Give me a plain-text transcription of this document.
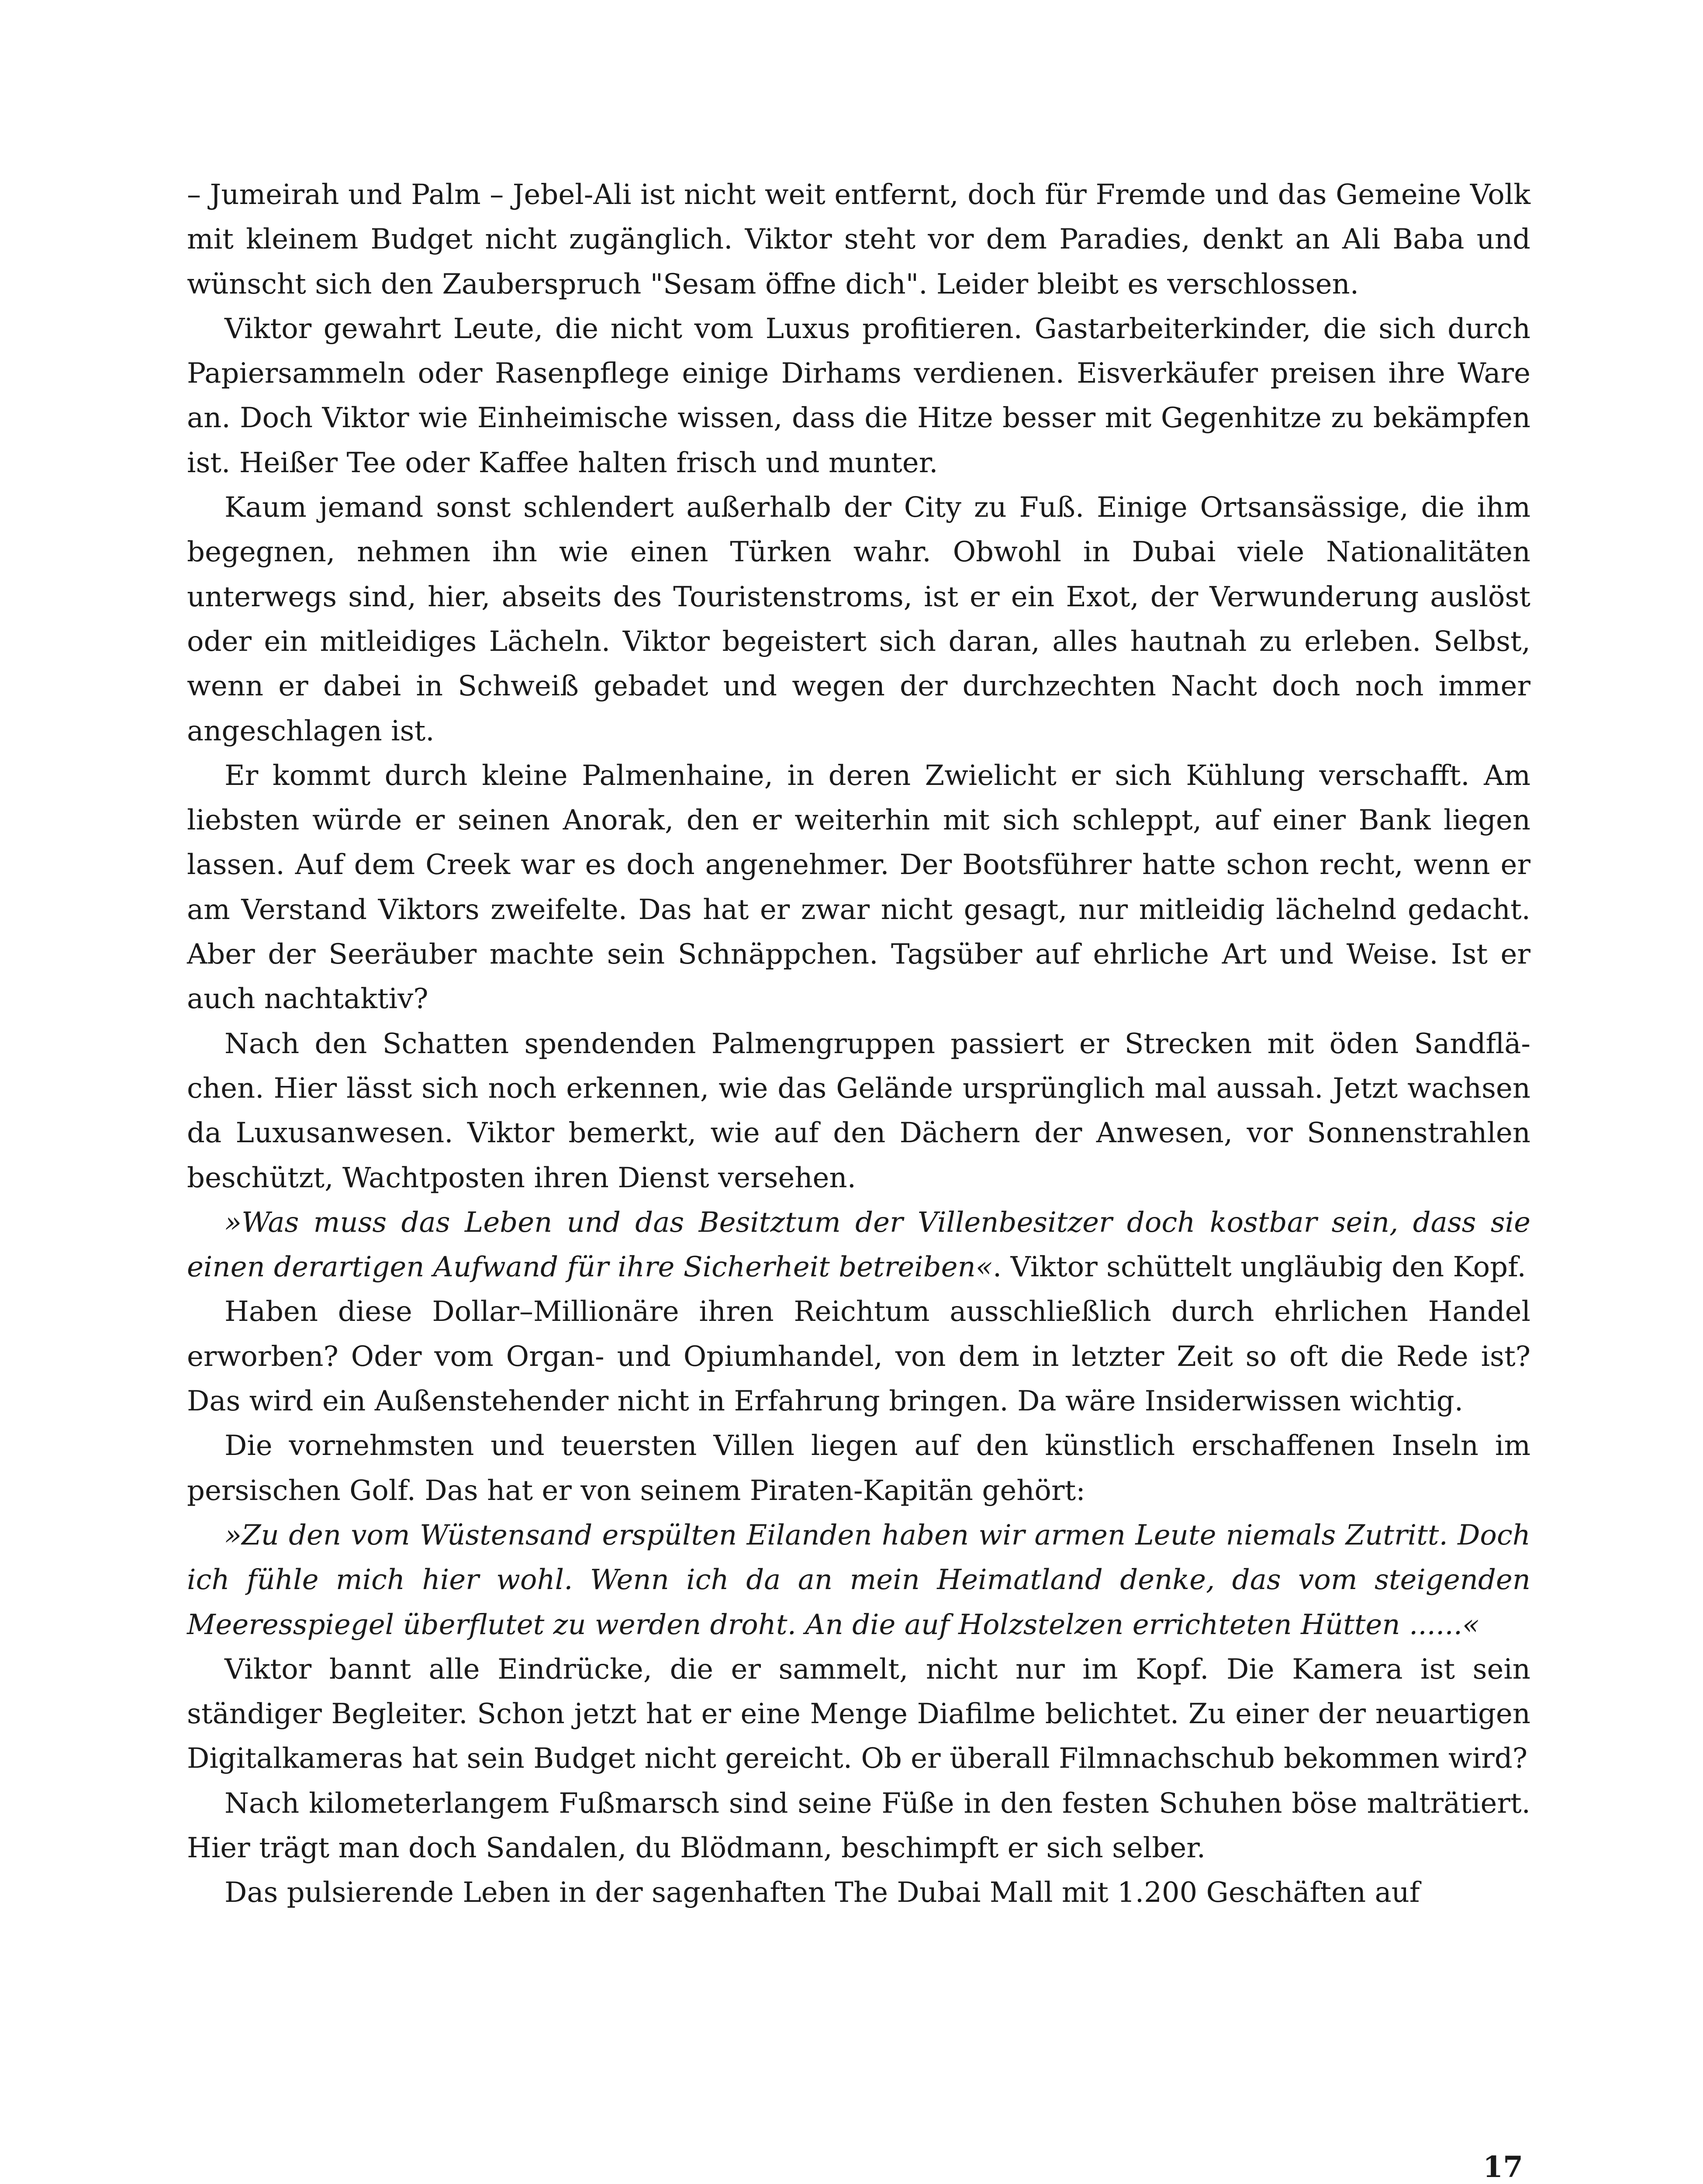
– Jumeirah und Palm – Jebel-Ali ist nicht weit entfernt, doch für Fremde und das Gemeine Volk mit kleinem Budget nicht zugänglich. Viktor steht vor dem Paradies, denkt an Ali Baba und wünscht sich den Zauberspruch "Sesam öffne dich". Leider bleibt es verschlossen.

Viktor gewahrt Leute, die nicht vom Luxus profitieren. Gastarbeiterkinder, die sich durch Papiersammeln oder Rasenpflege einige Dirhams verdienen. Eisverkäufer preisen ihre Ware an. Doch Viktor wie Einheimische wissen, dass die Hitze besser mit Gegenhitze zu bekämpfen ist. Heißer Tee oder Kaffee halten frisch und munter.

Kaum jemand sonst schlendert außerhalb der City zu Fuß. Einige Ortsansässige, die ihm begegnen, nehmen ihn wie einen Türken wahr. Obwohl in Dubai viele Nationalitäten unterwegs sind, hier, abseits des Touristenstroms, ist er ein Exot, der Verwunderung auslöst oder ein mitleidiges Lächeln. Viktor begeistert sich daran, alles hautnah zu erleben. Selbst, wenn er dabei in Schweiß gebadet und wegen der durchzechten Nacht doch noch immer angeschlagen ist.

Er kommt durch kleine Palmenhaine, in deren Zwielicht er sich Kühlung verschafft. Am liebsten würde er seinen Anorak, den er weiterhin mit sich schleppt, auf einer Bank liegen lassen. Auf dem Creek war es doch angenehmer. Der Bootsführer hatte schon recht, wenn er am Verstand Viktors zweifelte. Das hat er zwar nicht gesagt, nur mitleidig lächelnd gedacht. Aber der Seeräuber machte sein Schnäppchen. Tagsüber auf ehrliche Art und Weise. Ist er auch nachtaktiv?

Nach den Schatten spendenden Palmengruppen passiert er Strecken mit öden Sandflächen. Hier lässt sich noch erkennen, wie das Gelände ursprünglich mal aussah. Jetzt wachsen da Luxusanwesen. Viktor bemerkt, wie auf den Dächern der Anwesen, vor Sonnenstrahlen beschützt, Wachtposten ihren Dienst versehen.

»Was muss das Leben und das Besitztum der Villenbesitzer doch kostbar sein, dass sie einen derartigen Aufwand für ihre Sicherheit betreiben«. Viktor schüttelt ungläubig den Kopf.

Haben diese Dollar–Millionäre ihren Reichtum ausschließlich durch ehrlichen Handel erworben? Oder vom Organ- und Opiumhandel, von dem in letzter Zeit so oft die Rede ist? Das wird ein Außenstehender nicht in Erfahrung bringen. Da wäre Insiderwissen wichtig.

Die vornehmsten und teuersten Villen liegen auf den künstlich erschaffenen Inseln im persischen Golf. Das hat er von seinem Piraten-Kapitän gehört:

»Zu den vom Wüstensand erspülten Eilanden haben wir armen Leute niemals Zutritt. Doch ich fühle mich hier wohl. Wenn ich da an mein Heimatland denke, das vom steigenden Meeresspiegel überflutet zu werden droht. An die auf Holzstelzen errichteten Hütten ......«

Viktor bannt alle Eindrücke, die er sammelt, nicht nur im Kopf. Die Kamera ist sein ständiger Begleiter. Schon jetzt hat er eine Menge Diafilme belichtet. Zu einer der neuartigen Digitalkameras hat sein Budget nicht gereicht. Ob er überall Filmnachschub bekommen wird?

Nach kilometerlangem Fußmarsch sind seine Füße in den festen Schuhen böse malträtiert. Hier trägt man doch Sandalen, du Blödmann, beschimpft er sich selber.

Das pulsierende Leben in der sagenhaften The Dubai Mall mit 1.200 Geschäften auf

17
